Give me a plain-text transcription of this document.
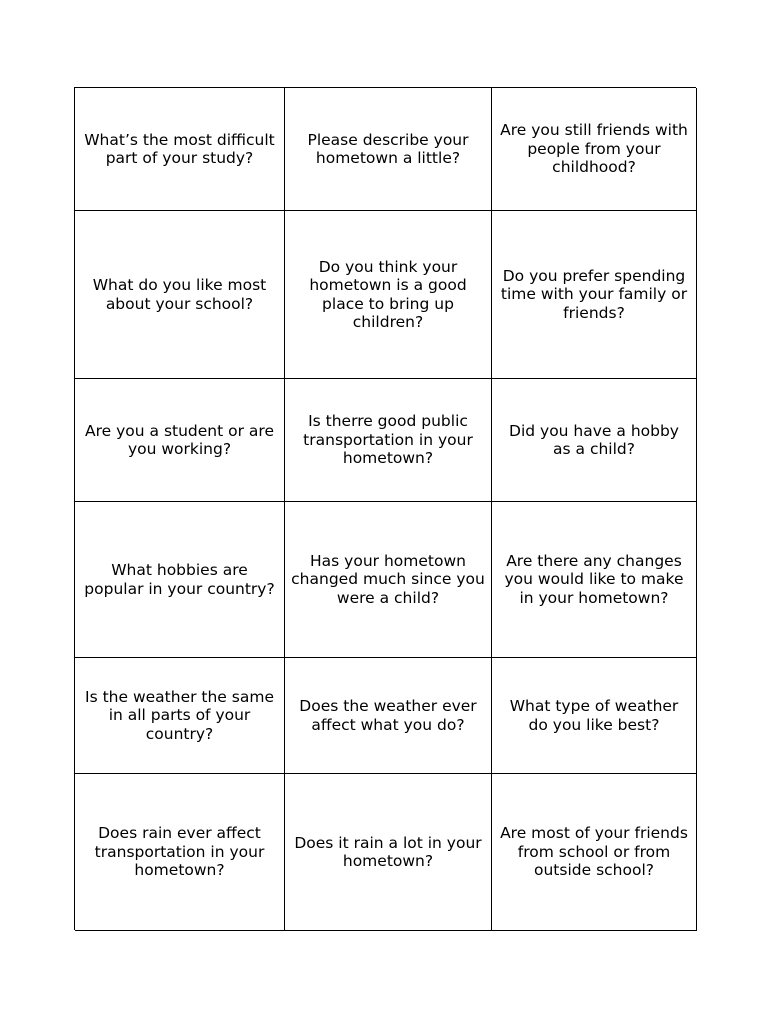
What’s the most difficult part of your study?
Please describe your hometown a little?
Are you still friends with people from your childhood?
What do you like most about your school?
Do you think your hometown is a good place to bring up children?
Do you prefer spending time with your family or friends?
Are you a student or are you working?
Is therre good public transportation in your hometown?
Did you have a hobby as a child?
What hobbies are popular in your country?
Has your hometown changed much since you were a child?
Are there any changes you would like to make in your hometown?
Is the weather the same in all parts of your country?
Does the weather ever affect what you do?
What type of weather do you like best?
Does rain ever affect transportation in your hometown?
Does it rain a lot in your hometown?
Are most of your friends from school or from outside school?
